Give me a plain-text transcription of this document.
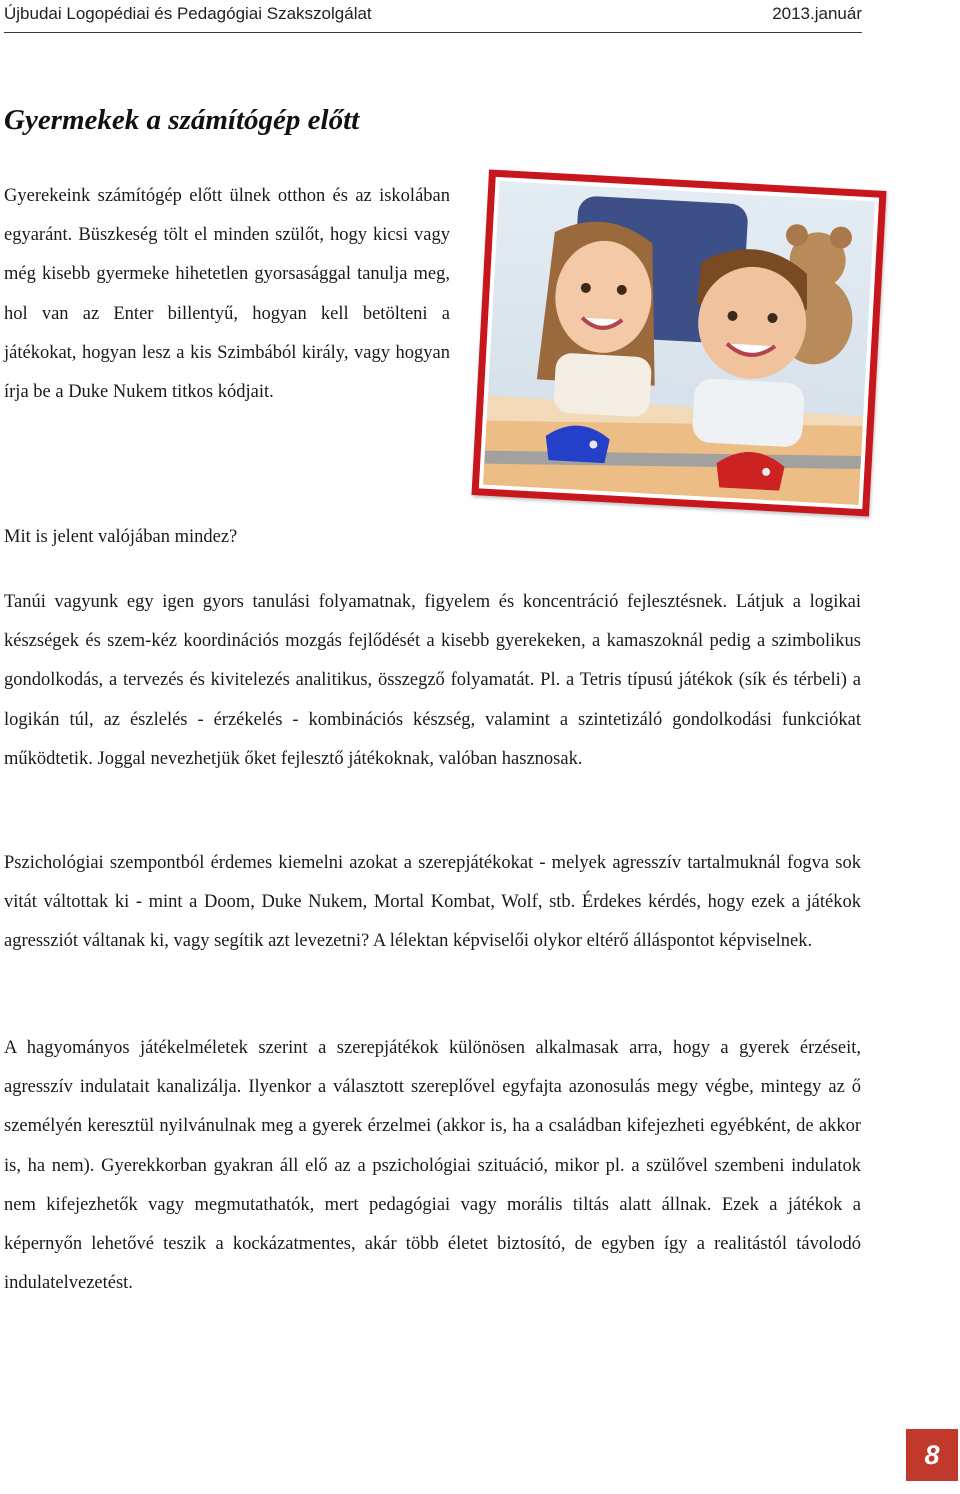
Újbudai Logopédiai és Pedagógiai Szakszolgálat	2013.január
Gyermekek a számítógép előtt

Gyerekeink számítógép előtt ülnek otthon és az iskolában egyaránt. Büszkeség tölt el minden szülőt, hogy kicsi vagy még kisebb gyermeke hihetetlen gyorsasággal tanulja meg, hol van az Enter billentyű, hogyan kell betölteni a játékokat, hogyan lesz a kis Szimbából király, vagy hogyan írja be a Duke Nukem titkos kódjait.

Mit is jelent valójában mindez?

Tanúi vagyunk egy igen gyors tanulási folyamatnak, figyelem és koncentráció fejlesztésnek. Látjuk a logikai készségek és szem-kéz koordinációs mozgás fejlődését a kisebb gyerekeken, a kamaszoknál pedig a szimbolikus gondolkodás, a tervezés és kivitelezés analitikus, összegző folyamatát. Pl. a Tetris típusú játékok (sík és térbeli) a logikán túl, az észlelés - érzékelés - kombinációs készség, valamint a szintetizáló gondolkodási funkciókat működtetik. Joggal nevezhetjük őket fejlesztő játékoknak, valóban hasznosak.

Pszichológiai szempontból érdemes kiemelni azokat a szerepjátékokat - melyek agresszív tartalmuknál fogva sok vitát váltottak ki - mint a Doom, Duke Nukem, Mortal Kombat, Wolf, stb. Érdekes kérdés, hogy ezek a játékok agressziót váltanak ki, vagy segítik azt levezetni? A lélektan képviselői olykor eltérő álláspontot képviselnek.

A hagyományos játékelméletek szerint a szerepjátékok különösen alkalmasak arra, hogy a gyerek érzéseit, agresszív indulatait kanalizálja. Ilyenkor a választott szereplővel egyfajta azonosulás megy végbe, mintegy az ő személyén keresztül nyilvánulnak meg a gyerek érzelmei (akkor is, ha a családban kifejezheti egyébként, de akkor is, ha nem). Gyerekkorban gyakran áll elő az a pszichológiai szituáció, mikor pl. a szülővel szembeni indulatok nem kifejezhetők vagy megmutathatók, mert pedagógiai vagy morális tiltás alatt állnak. Ezek a játékok a képernyőn lehetővé teszik a kockázatmentes, akár több életet biztosító, de egyben így a realitástól távolodó indulatelvezetést.

8
